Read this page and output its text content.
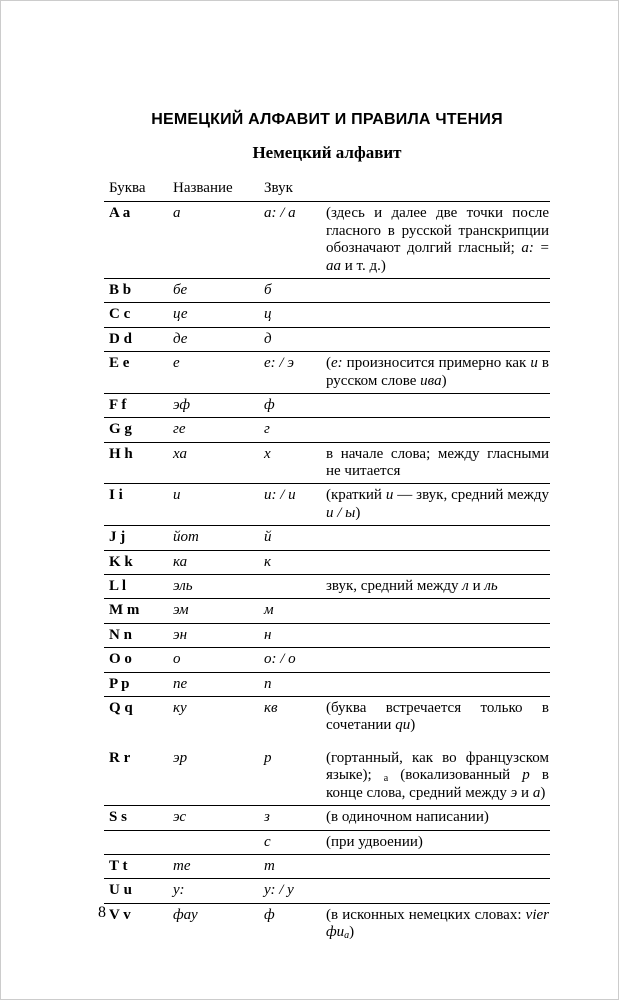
НЕМЕЦКИЙ АЛФАВИТ И ПРАВИЛА ЧТЕНИЯ
Немецкий алфавит
Буква	Название	Звук	
A a	а	а: / а	(здесь и далее две точки после гласного в русской транскрипции обозначают долгий гласный; а: = аа и т. д.)
B b	бе	б	
C c	це	ц	
D d	де	д	
E e	е	е: / э	(е: произносится примерно как и в русском слове ива)
F f	эф	ф	
G g	ге	г	
H h	ха	х	в начале слова; между гласными не читается
I i	и	и: / и	(краткий и — звук, средний между и / ы)
J j	йот	й	
K k	ка	к	
L l	эль		звук, средний между л и ль
M m	эм	м	
N n	эн	н	
O o	о	о: / о	
P p	пе	п	
Q q	ку	кв	(буква встречается только в сочетании qu)
R r	эр	р	(гортанный, как во французском языке); а (вокализованный р в конце слова, средний между э и а)
S s	эс	з	(в одиночном написании)
		с	(при удвоении)
T t	те	т	
U u	у:	у: / у	
V v	фау	ф	(в исконных немецких словах: vier фиа)
8
